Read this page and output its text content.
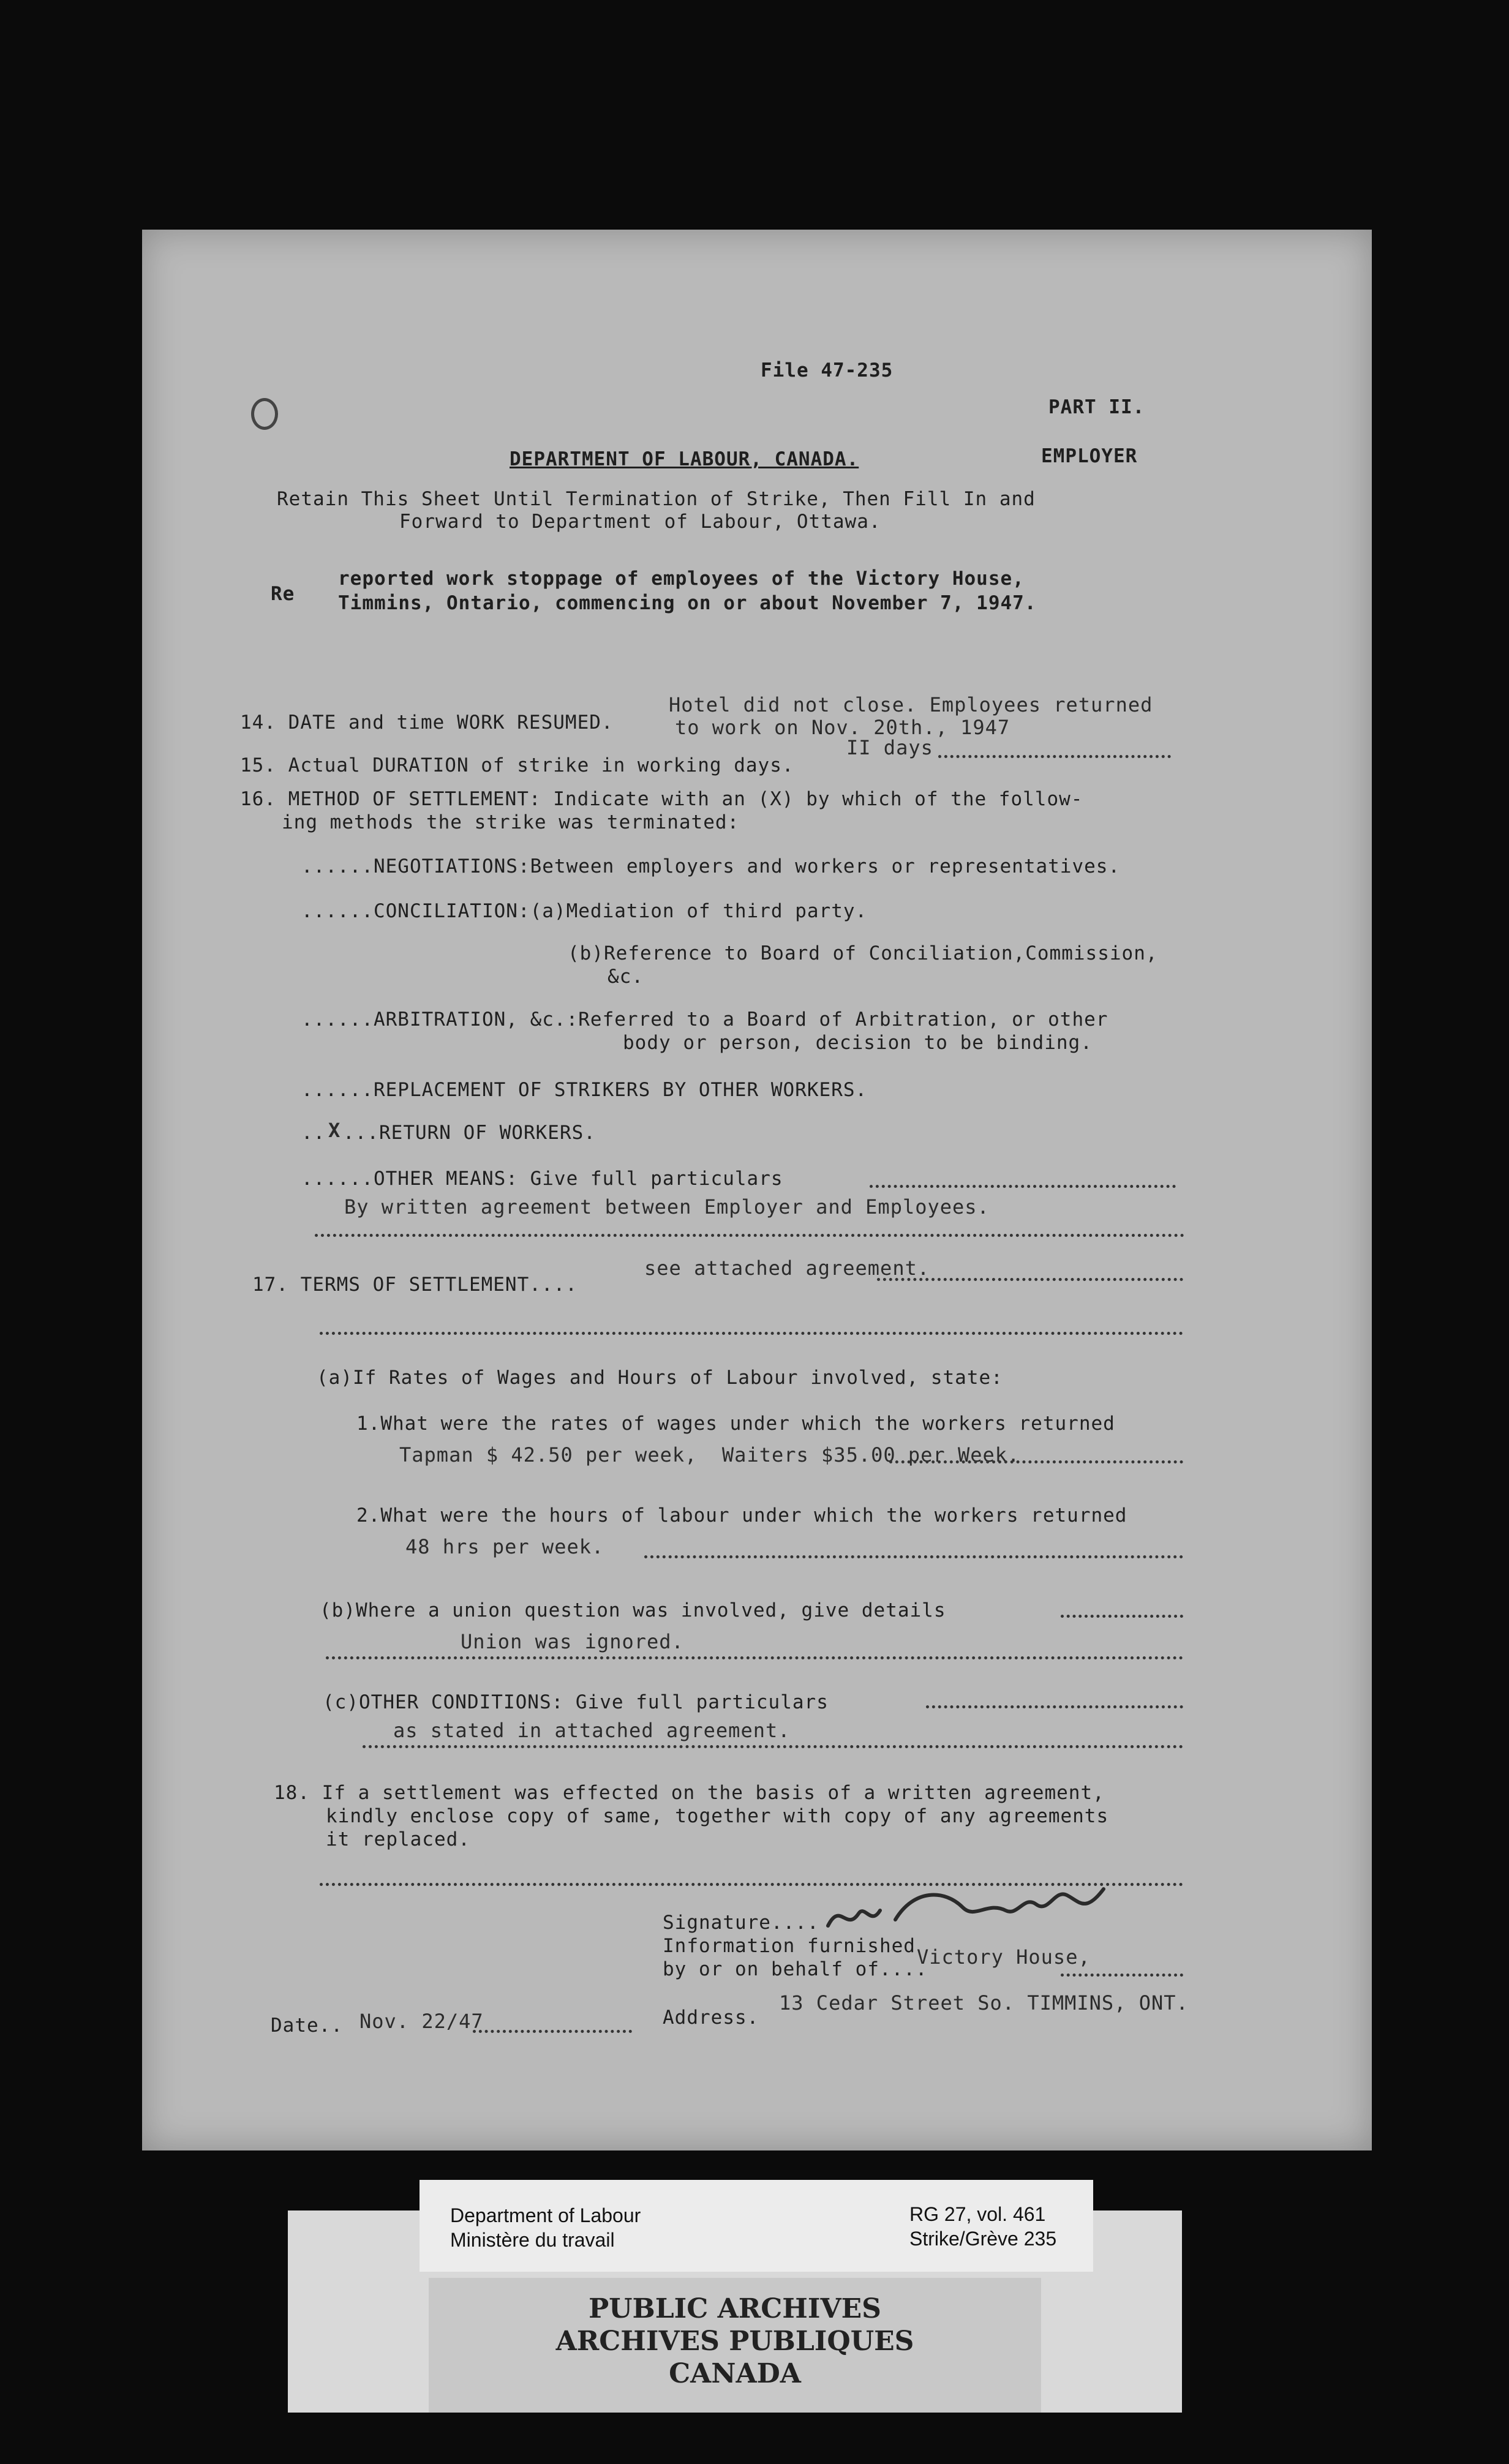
File 47-235
PART II.
DEPARTMENT OF LABOUR, CANADA.	EMPLOYER
Retain This Sheet Until Termination of Strike, Then Fill In and
Forward to Department of Labour, Ottawa.
Re
reported work stoppage of employees of the Victory House,
Timmins, Ontario, commencing on or about November 7, 1947.
14. DATE and time WORK RESUMED.
Hotel did not close. Employees returned
to work on Nov. 20th., 1947
15. Actual DURATION of strike in working days.
II days
16. METHOD OF SETTLEMENT: Indicate with an (X) by which of the follow-
ing methods the strike was terminated:
......NEGOTIATIONS:Between employers and workers or representatives.
......CONCILIATION:(a)Mediation of third party.
(b)Reference to Board of Conciliation,Commission,
&c.
......ARBITRATION, &c.:Referred to a Board of Arbitration, or other
body or person, decision to be binding.
......REPLACEMENT OF STRIKERS BY OTHER WORKERS.
.. X ...RETURN OF WORKERS.
......OTHER MEANS: Give full particulars
By written agreement between Employer and Employees.
17. TERMS OF SETTLEMENT....
see attached agreement.
(a)If Rates of Wages and Hours of Labour involved, state:
1.What were the rates of wages under which the workers returned
Tapman $ 42.50 per week,  Waiters $35.00 per Week.
2.What were the hours of labour under which the workers returned
48 hrs per week.
(b)Where a union question was involved, give details
Union was ignored.
(c)OTHER CONDITIONS: Give full particulars
as stated in attached agreement.
18. If a settlement was effected on the basis of a written agreement,
kindly enclose copy of same, together with copy of any agreements
it replaced.
Signature....
Information furnished
by or on behalf of....
Victory House,
Address.
13 Cedar Street So. TIMMINS, ONT.
Date.. Nov. 22/47
PUBLIC ARCHIVES
ARCHIVES PUBLIQUES
CANADA
Department of Labour
Ministère du travail
RG 27, vol. 461
Strike/Grève 235
